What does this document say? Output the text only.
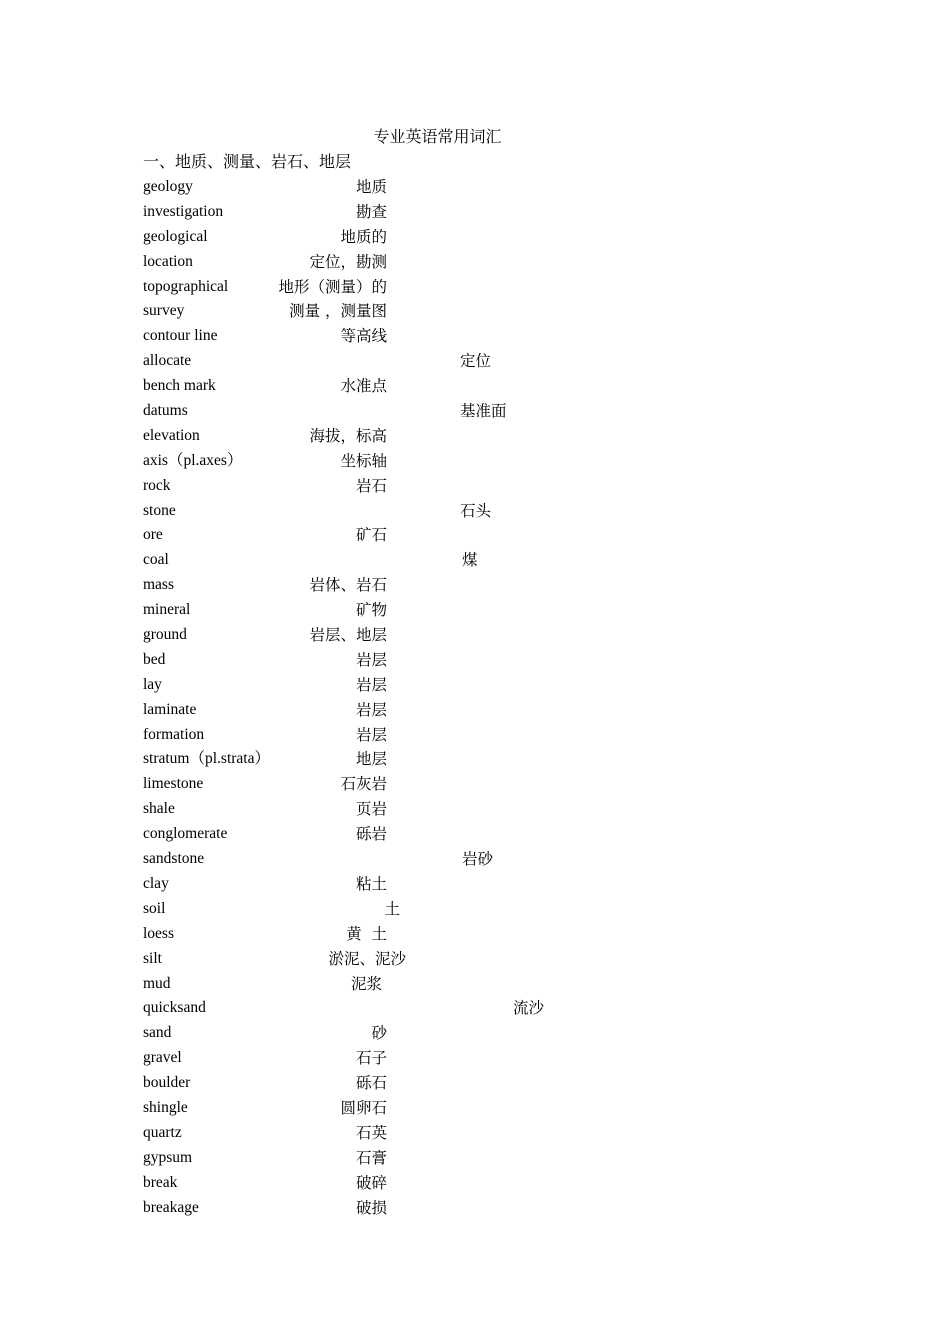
专业英语常用词汇
一、地质、测量、岩石、地层
geology	地质
investigation	勘查
geological	地质的
location	定位，勘测
topographical	地形（测量）的
survey	测量 ，测量图
contour line	等高线
allocate	定位
bench mark	水准点
datums	基准面
elevation	海拔，标高
axis（pl.axes）	坐标轴
rock	岩石
stone	石头
ore	矿石
coal	煤
mass	岩体、岩石
mineral	矿物
ground	岩层、地层
bed	岩层
lay	岩层
laminate	岩层
formation	岩层
stratum（pl.strata）	地层
limestone	石灰岩
shale	页岩
conglomerate	砾岩
sandstone	岩砂
clay	粘土
soil	土
loess	黄  土
silt	淤泥、泥沙
mud	泥浆
quicksand	流沙
sand	砂
gravel	石子
boulder	砾石
shingle	圆卵石
quartz	石英
gypsum	石膏
break	破碎
breakage	破损
